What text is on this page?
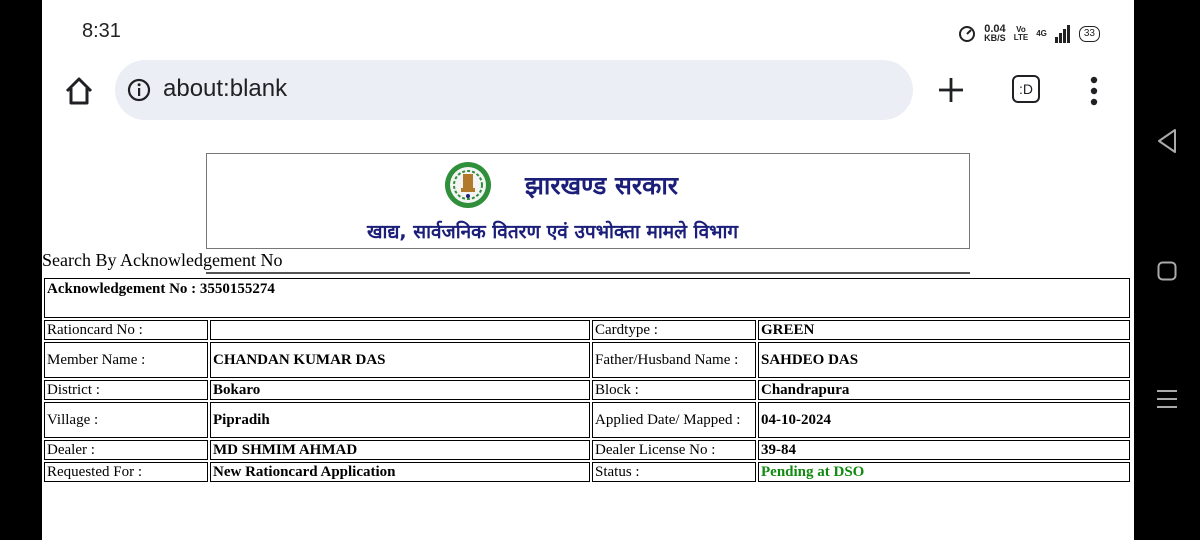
8:31	0.04
KB/S
Vo
LTE 4G	33
about:blank	:D
झारखण्ड सरकार
खाद्य, सार्वजनिक वितरण एवं उपभोक्ता मामले विभाग
Search By Acknowledgement No
Acknowledgement No : 3550155274			
Rationcard No :		Cardtype :	GREEN
Member Name :	CHANDAN KUMAR DAS	Father/Husband Name :	SAHDEO DAS
District :	Bokaro	Block :	Chandrapura
Village :	Pipradih	Applied Date/ Mapped :	04-10-2024
Dealer :	MD SHMIM AHMAD	Dealer License No :	39-84
Requested For :	New Rationcard Application	Status :	Pending at DSO
